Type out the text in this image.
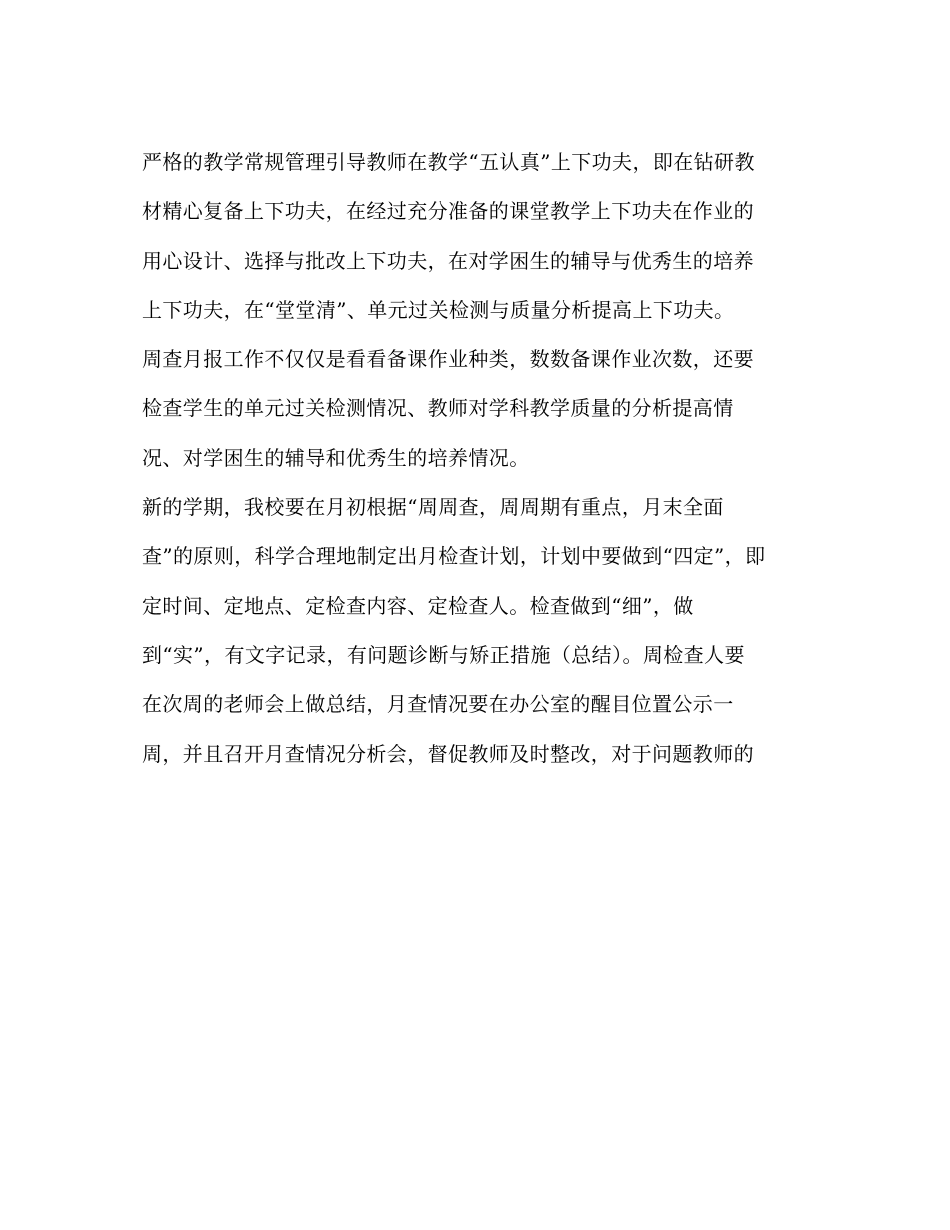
严格的教学常规管理引导教师在教学“五认真”上下功夫，即在钻研教
材精心复备上下功夫，在经过充分准备的课堂教学上下功夫在作业的
用心设计、选择与批改上下功夫，在对学困生的辅导与优秀生的培养
上下功夫，在“堂堂清”、单元过关检测与质量分析提高上下功夫。
周查月报工作不仅仅是看看备课作业种类，数数备课作业次数，还要
检查学生的单元过关检测情况、教师对学科教学质量的分析提高情
况、对学困生的辅导和优秀生的培养情况。
新的学期，我校要在月初根据“周周查，周周期有重点，月末全面
查”的原则，科学合理地制定出月检查计划，计划中要做到“四定”，即
定时间、定地点、定检查内容、定检查人。检查做到“细”，做
到“实”，有文字记录，有问题诊断与矫正措施（总结）。周检查人要
在次周的老师会上做总结，月查情况要在办公室的醒目位置公示一
周，并且召开月查情况分析会，督促教师及时整改，对于问题教师的
